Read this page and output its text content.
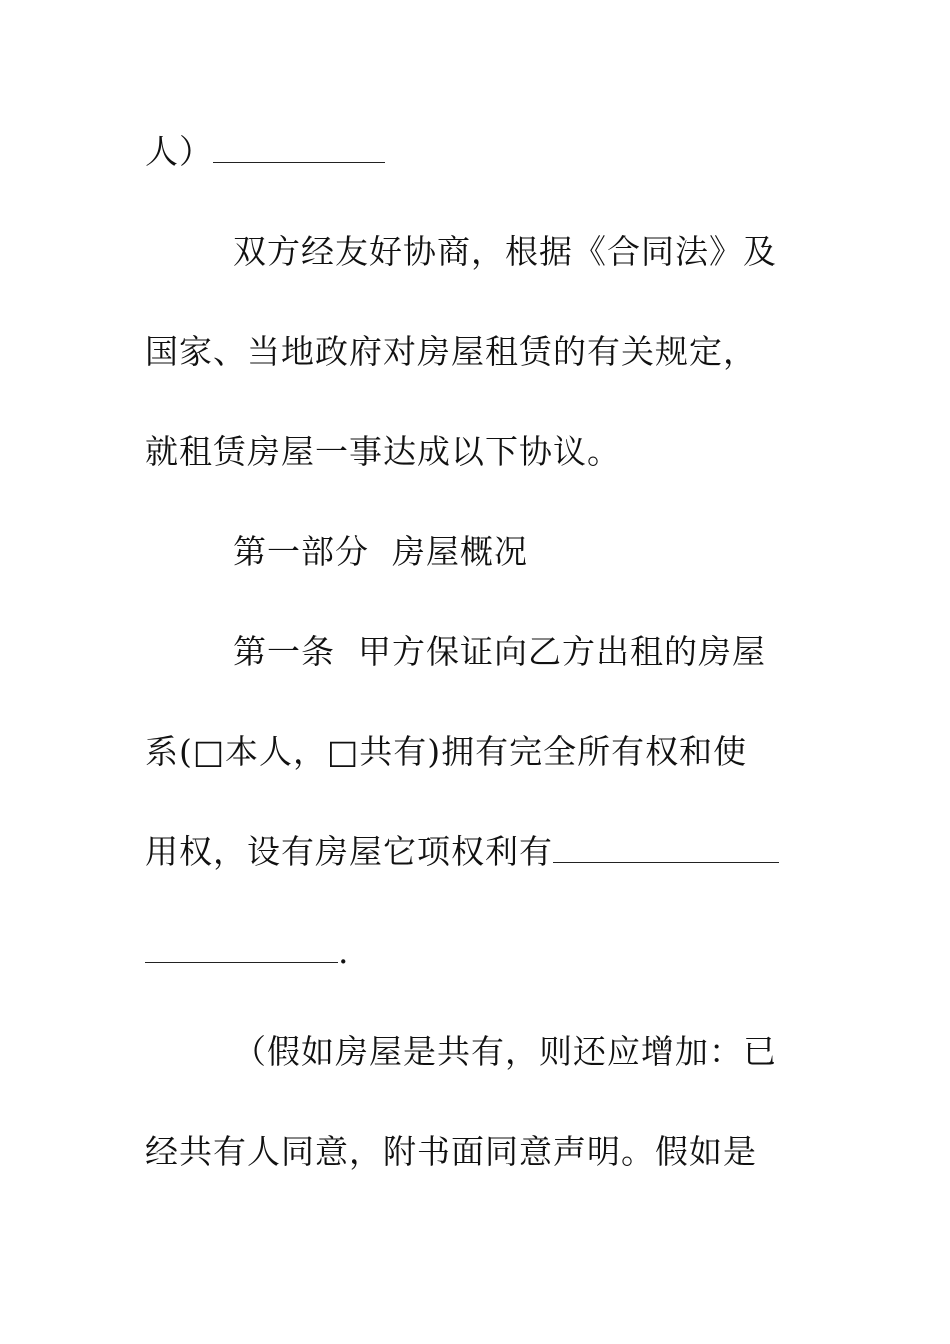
人）
双方经友好协商，根据《合同法》及
国家、当地政府对房屋租赁的有关规定，
就租赁房屋一事达成以下协议。
第一部分  房屋概况
第一条  甲方保证向乙方出租的房屋
系(□本人，□共有)拥有完全所有权和使
用权，设有房屋它项权利有
.
（假如房屋是共有，则还应增加：已
经共有人同意，附书面同意声明。假如是
